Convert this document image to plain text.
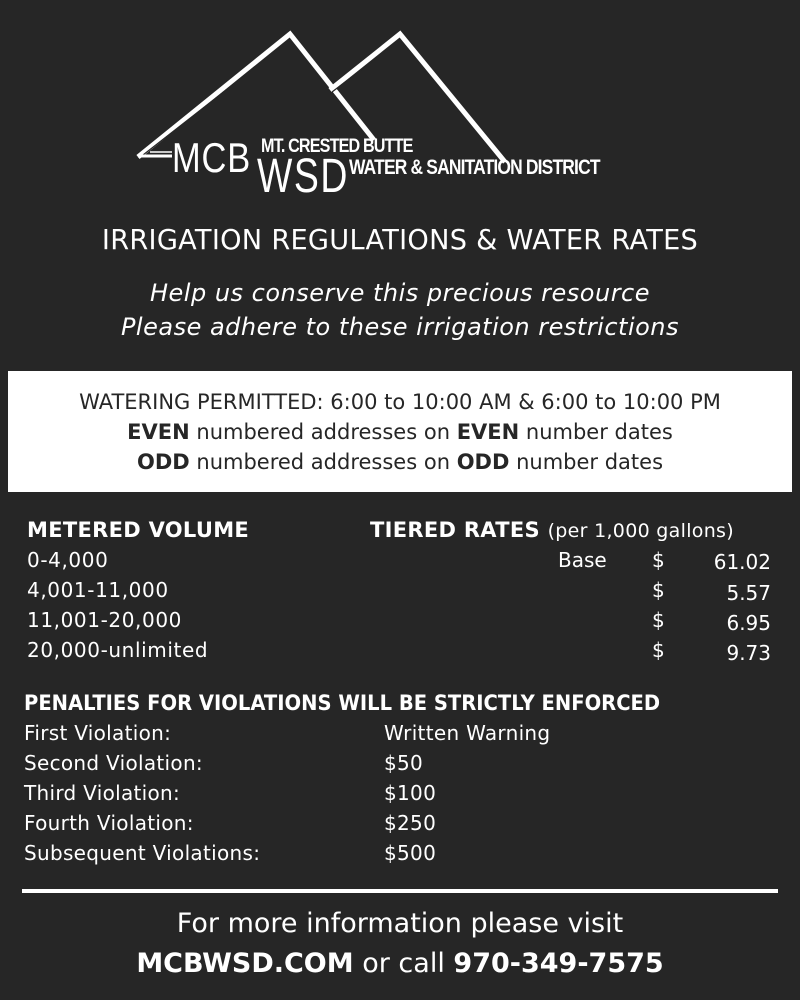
MCB WSD
MT. CRESTED BUTTE
WATER & SANITATION DISTRICT
IRRIGATION REGULATIONS & WATER RATES
Help us conserve this precious resource
Please adhere to these irrigation restrictions
WATERING PERMITTED: 6:00 to 10:00 AM & 6:00 to 10:00 PM
EVEN numbered addresses on EVEN number dates
ODD numbered addresses on ODD number dates
METERED VOLUME	TIERED RATES (per 1,000 gallons)
0-4,000	Base $ 61.02
4,001-11,000	$	5.57
11,001-20,000	$	6.95
20,000-unlimited	$	9.73
PENALTIES FOR VIOLATIONS WILL BE STRICTLY ENFORCED
First Violation:	Written Warning
Second Violation:	$50
Third Violation:	$100
Fourth Violation:	$250
Subsequent Violations:	$500
For more information please visit
MCBWSD.COM or call 970-349-7575
